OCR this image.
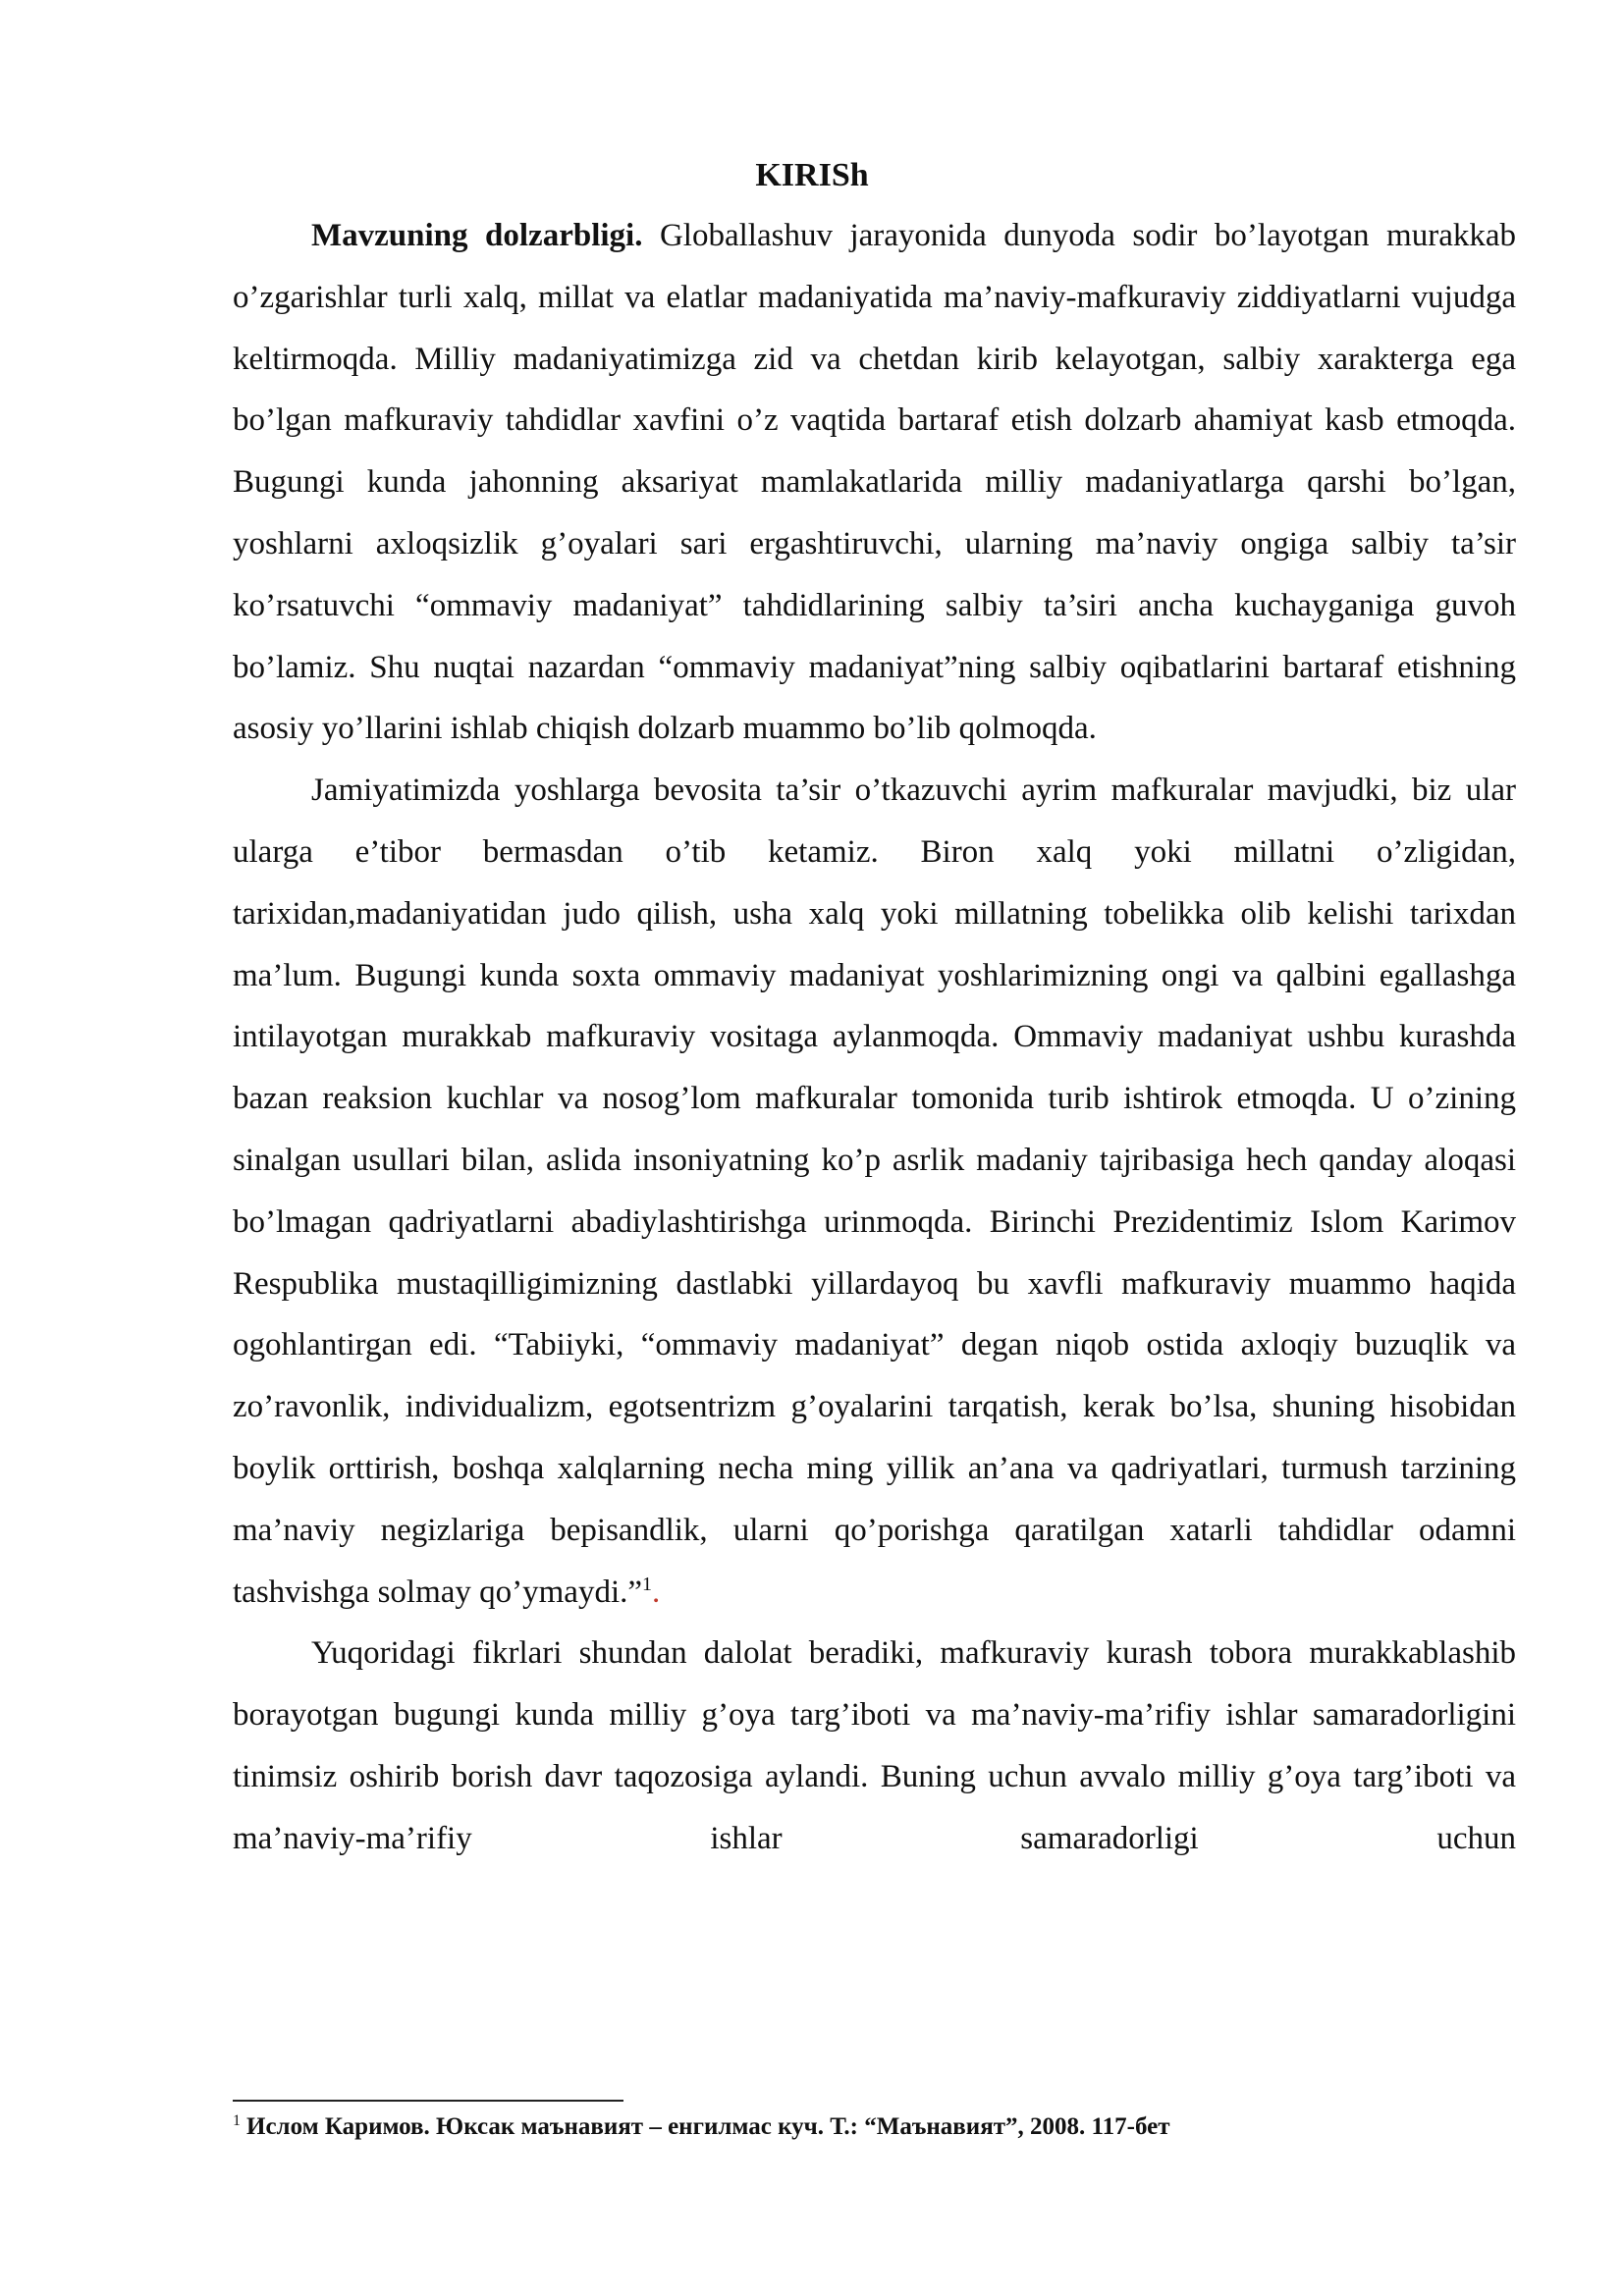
KIRISh

Mavzuning dolzarbligi. Globallashuv jarayonida dunyoda sodir bo’layotgan murakkab o’zgarishlar turli xalq, millat va elatlar madaniyatida ma’naviy-mafkuraviy ziddiyatlarni vujudga keltirmoqda. Milliy madaniyatimizga zid va chetdan kirib kelayotgan, salbiy xarakterga ega bo’lgan mafkuraviy tahdidlar xavfini o’z vaqtida bartaraf etish dolzarb ahamiyat kasb etmoqda. Bugungi kunda jahonning aksariyat mamlakatlarida milliy madaniyatlarga qarshi bo’lgan, yoshlarni axloqsizlik g’oyalari sari ergashtiruvchi, ularning ma’naviy ongiga salbiy ta’sir ko’rsatuvchi “ommaviy madaniyat” tahdidlarining salbiy ta’siri ancha kuchayganiga guvoh bo’lamiz. Shu nuqtai nazardan “ommaviy madaniyat”ning salbiy oqibatlarini bartaraf etishning asosiy yo’llarini ishlab chiqish dolzarb muammo bo’lib qolmoqda.

Jamiyatimizda yoshlarga bevosita ta’sir o’tkazuvchi ayrim mafkuralar mavjudki, biz ular ularga e’tibor bermasdan o’tib ketamiz. Biron xalq yoki millatni o’zligidan, tarixidan,madaniyatidan judo qilish, usha xalq yoki millatning tobelikka olib kelishi tarixdan ma’lum. Bugungi kunda soxta ommaviy madaniyat yoshlarimizning ongi va qalbini egallashga intilayotgan murakkab mafkuraviy vositaga aylanmoqda. Ommaviy madaniyat ushbu kurashda bazan reaksion kuchlar va nosog’lom mafkuralar tomonida turib ishtirok etmoqda. U o’zining sinalgan usullari bilan, aslida insoniyatning ko’p asrlik madaniy tajribasiga hech qanday aloqasi bo’lmagan qadriyatlarni abadiylashtirishga urinmoqda. Birinchi Prezidentimiz Islom Karimov Respublika mustaqilligimizning dastlabki yillardayoq bu xavfli mafkuraviy muammo haqida ogohlantirgan edi. “Tabiiyki, “ommaviy madaniyat” degan niqob ostida axloqiy buzuqlik va zo’ravonlik, individualizm, egotsentrizm g’oyalarini tarqatish, kerak bo’lsa, shuning hisobidan boylik orttirish, boshqa xalqlarning necha ming yillik an’ana va qadriyatlari, turmush tarzining ma’naviy negizlariga bepisandlik, ularni qo’porishga qaratilgan xatarli tahdidlar odamni tashvishga solmay qo’ymaydi.”$^1$.

Yuqoridagi fikrlari shundan dalolat beradiki, mafkuraviy kurash tobora murakkablashib borayotgan bugungi kunda milliy g’oya targ’iboti va ma’naviy-ma’rifiy ishlar samaradorligini tinimsiz oshirib borish davr taqozosiga aylandi. Buning uchun avvalo milliy g’oya targ’iboti va ma’naviy-ma’rifiy ishlar samaradorligi uchun

$^1$ Ислом Каримов. Юксак маънавият – енгилмас куч. Т.: “Маънавият”, 2008. 117-бет
